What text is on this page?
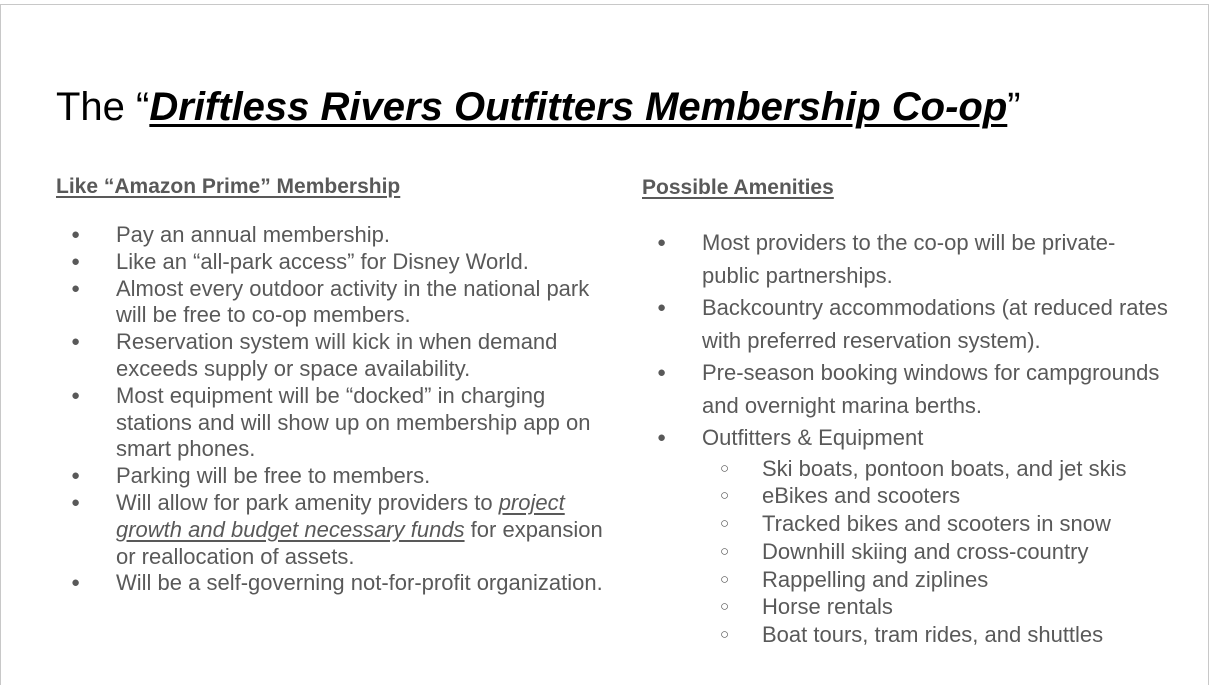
The “Driftless Rivers Outfitters Membership Co-op”
Like “Amazon Prime” Membership
● Pay an annual membership.
● Like an “all-park access” for Disney World.
● Almost every outdoor activity in the national park will be free to co-op members.
● Reservation system will kick in when demand exceeds supply or space availability.
● Most equipment will be “docked” in charging stations and will show up on membership app on smart phones.
● Parking will be free to members.
● Will allow for park amenity providers to project growth and budget necessary funds for expansion or reallocation of assets.
● Will be a self-governing not-for-profit organization.
Possible Amenities
● Most providers to the co-op will be private-public partnerships.
● Backcountry accommodations (at reduced rates with preferred reservation system).
● Pre-season booking windows for campgrounds and overnight marina berths.
● Outfitters & Equipment
○ Ski boats, pontoon boats, and jet skis
○ eBikes and scooters
○ Tracked bikes and scooters in snow
○ Downhill skiing and cross-country
○ Rappelling and ziplines
○ Horse rentals
○ Boat tours, tram rides, and shuttles
